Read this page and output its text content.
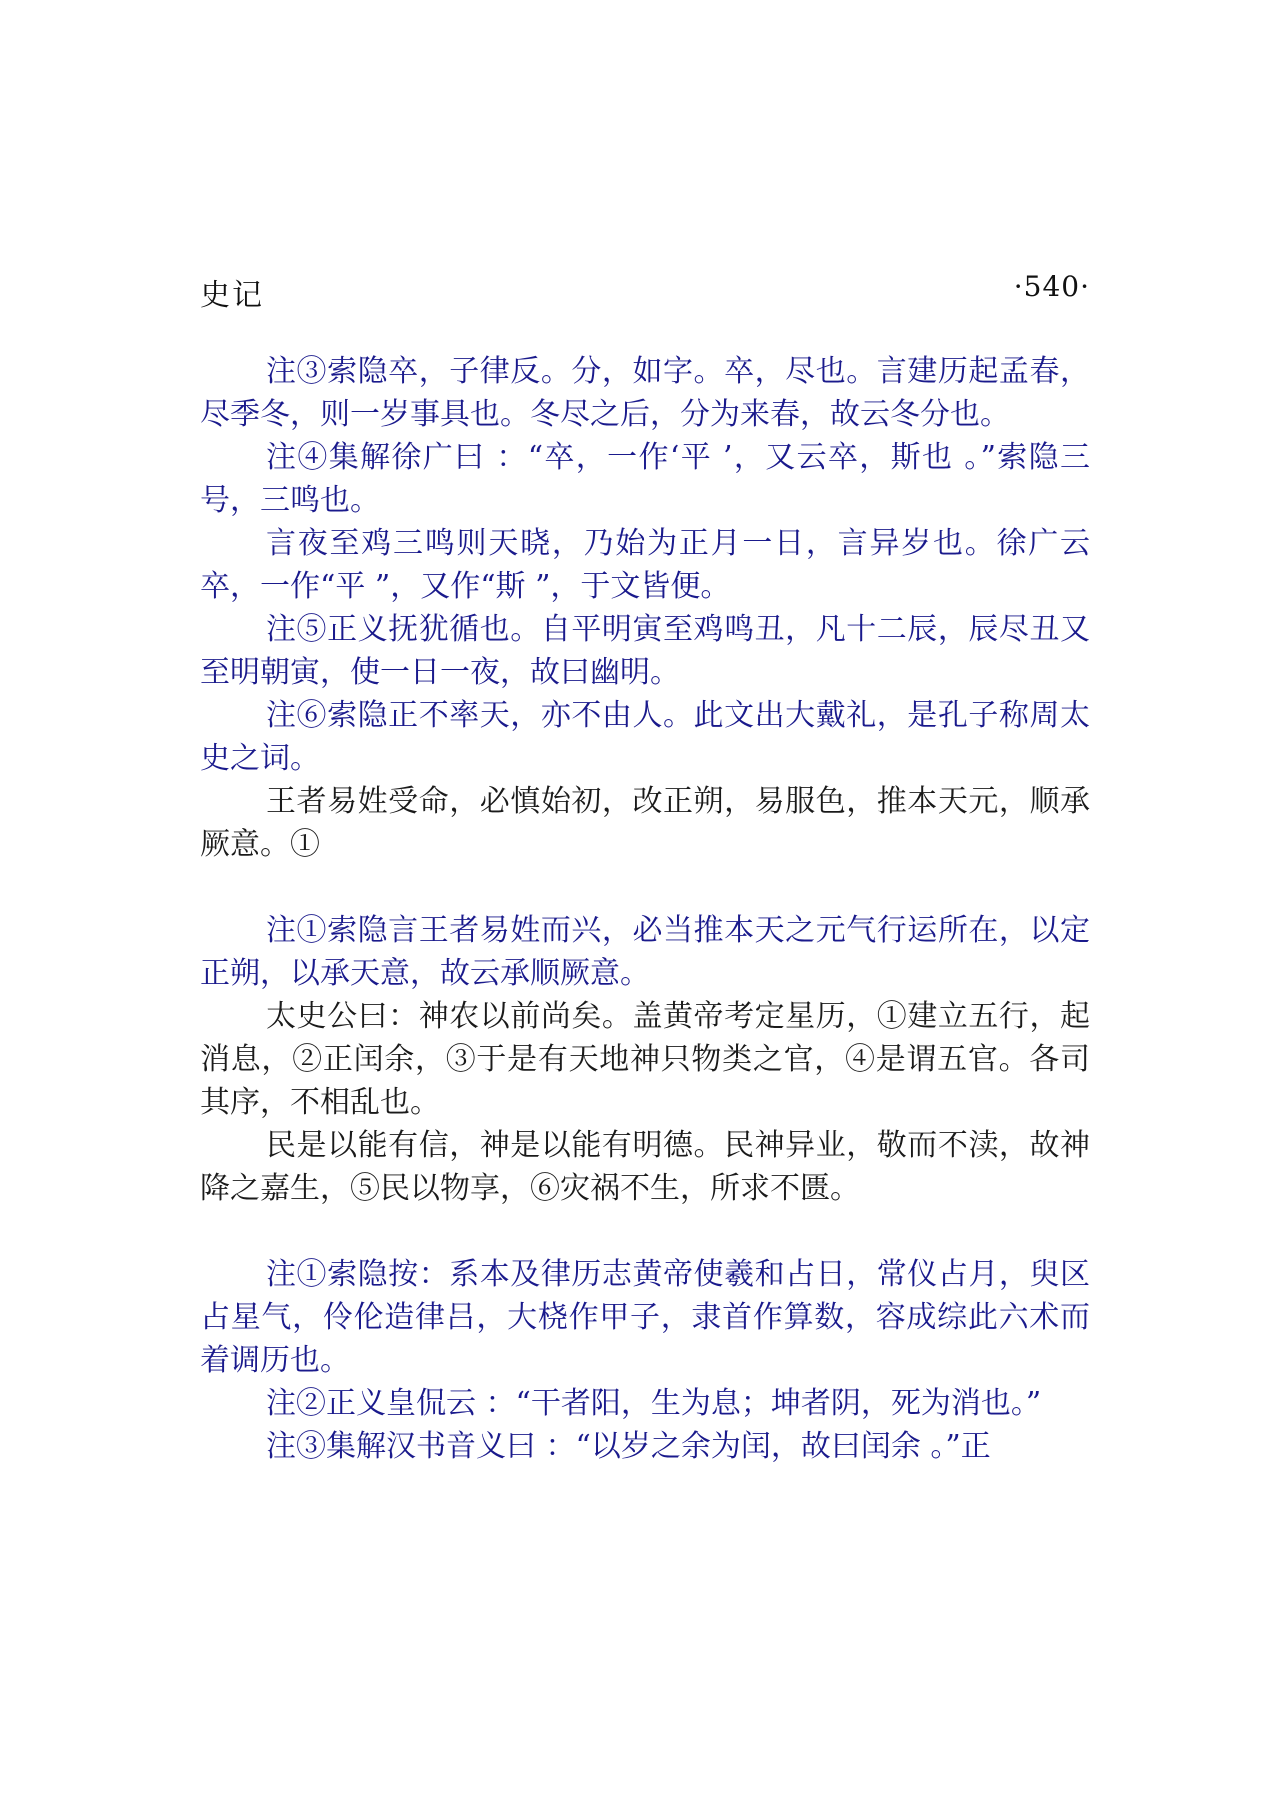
史记	·540·

注③索隐卒，子律反。分，如字。卒，尽也。言建历起孟春，尽季冬，则一岁事具也。冬尽之后，分为来春，故云冬分也。

注④集解徐广曰 ：“卒，一作‘平 ’，又云卒，斯也 。”索隐三号，三鸣也。

言夜至鸡三鸣则天晓，乃始为正月一日，言异岁也。徐广云卒，一作“平 ”，又作“斯 ”，于文皆便。

注⑤正义抚犹循也。自平明寅至鸡鸣丑，凡十二辰，辰尽丑又至明朝寅，使一日一夜，故曰幽明。

注⑥索隐正不率天，亦不由人。此文出大戴礼，是孔子称周太史之词。

王者易姓受命，必慎始初，改正朔，易服色，推本天元，顺承厥意。①

注①索隐言王者易姓而兴，必当推本天之元气行运所在，以定正朔，以承天意，故云承顺厥意。

太史公曰：神农以前尚矣。盖黄帝考定星历，①建立五行，起消息，②正闰余，③于是有天地神只物类之官，④是谓五官。各司其序，不相乱也。

民是以能有信，神是以能有明德。民神异业，敬而不渎，故神降之嘉生，⑤民以物享，⑥灾祸不生，所求不匮。

注①索隐按：系本及律历志黄帝使羲和占日，常仪占月，臾区占星气，伶伦造律吕，大桡作甲子，隶首作算数，容成综此六术而着调历也。

注②正义皇侃云 ：“干者阳，生为息；坤者阴，死为消也。”

注③集解汉书音义曰 ：“以岁之余为闰，故曰闰余 。”正
